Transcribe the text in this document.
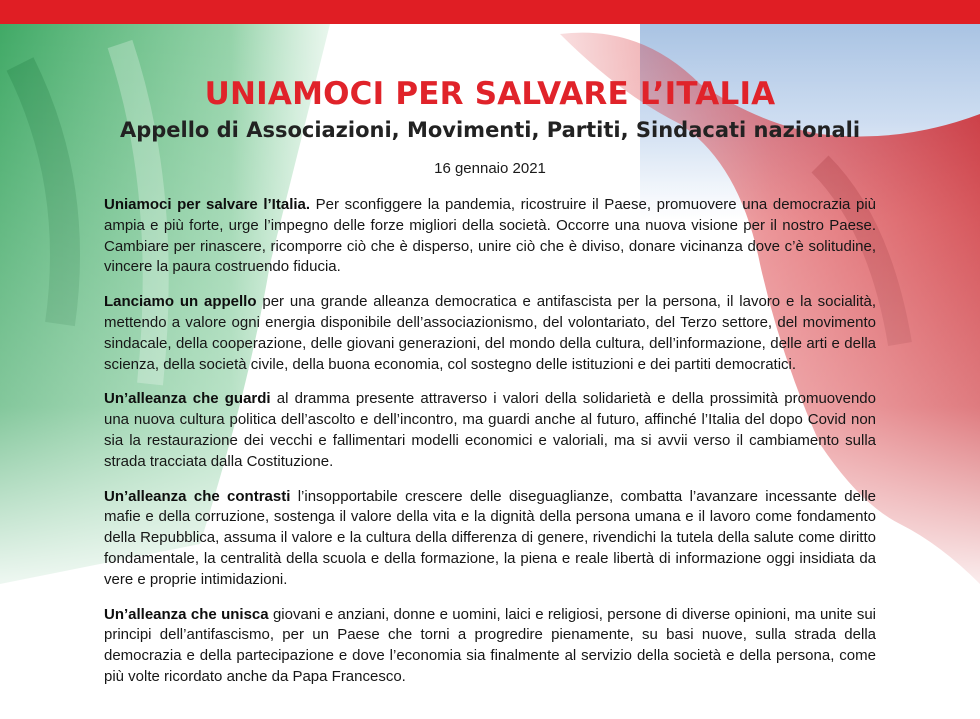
UNIAMOCI PER SALVARE L’ITALIA
Appello di Associazioni, Movimenti, Partiti, Sindacati nazionali

16 gennaio 2021

Uniamoci per salvare l’Italia. Per sconfiggere la pandemia, ricostruire il Paese, promuovere una democrazia più ampia e più forte, urge l’impegno delle forze migliori della società. Occorre una nuova visione per il nostro Paese. Cambiare per rinascere, ricomporre ciò che è disperso, unire ciò che è diviso, donare vicinanza dove c’è solitudine, vincere la paura costruendo fiducia.

Lanciamo un appello per una grande alleanza democratica e antifascista per la persona, il lavoro e la socialità, mettendo a valore ogni energia disponibile dell’associazionismo, del volontariato, del Terzo settore, del movimento sindacale, della cooperazione, delle giovani generazioni, del mondo della cultura, dell’informazione, delle arti e della scienza, della società civile, della buona economia, col sostegno delle istituzioni e dei partiti democratici.

Un’alleanza che guardi al dramma presente attraverso i valori della solidarietà e della prossimità promuovendo una nuova cultura politica dell’ascolto e dell’incontro, ma guardi anche al futuro, affinché l’Italia del dopo Covid non sia la restaurazione dei vecchi e fallimentari modelli economici e valoriali, ma si avvii verso il cambiamento sulla strada tracciata dalla Costituzione.

Un’alleanza che contrasti l’insopportabile crescere delle diseguaglianze, combatta l’avanzare incessante delle mafie e della corruzione, sostenga il valore della vita e la dignità della persona umana e il lavoro come fondamento della Repubblica, assuma il valore e la cultura della differenza di genere, rivendichi la tutela della salute come diritto fondamentale, la centralità della scuola e della formazione, la piena e reale libertà di informazione oggi insidiata da vere e proprie intimidazioni.

Un’alleanza che unisca giovani e anziani, donne e uomini, laici e religiosi, persone di diverse opinioni, ma unite sui principi dell’antifascismo, per un Paese che torni a progredire pienamente, su basi nuove, sulla strada della democrazia e della partecipazione e dove l’economia sia finalmente al servizio della società e della persona, come più volte ricordato anche da Papa Francesco.
